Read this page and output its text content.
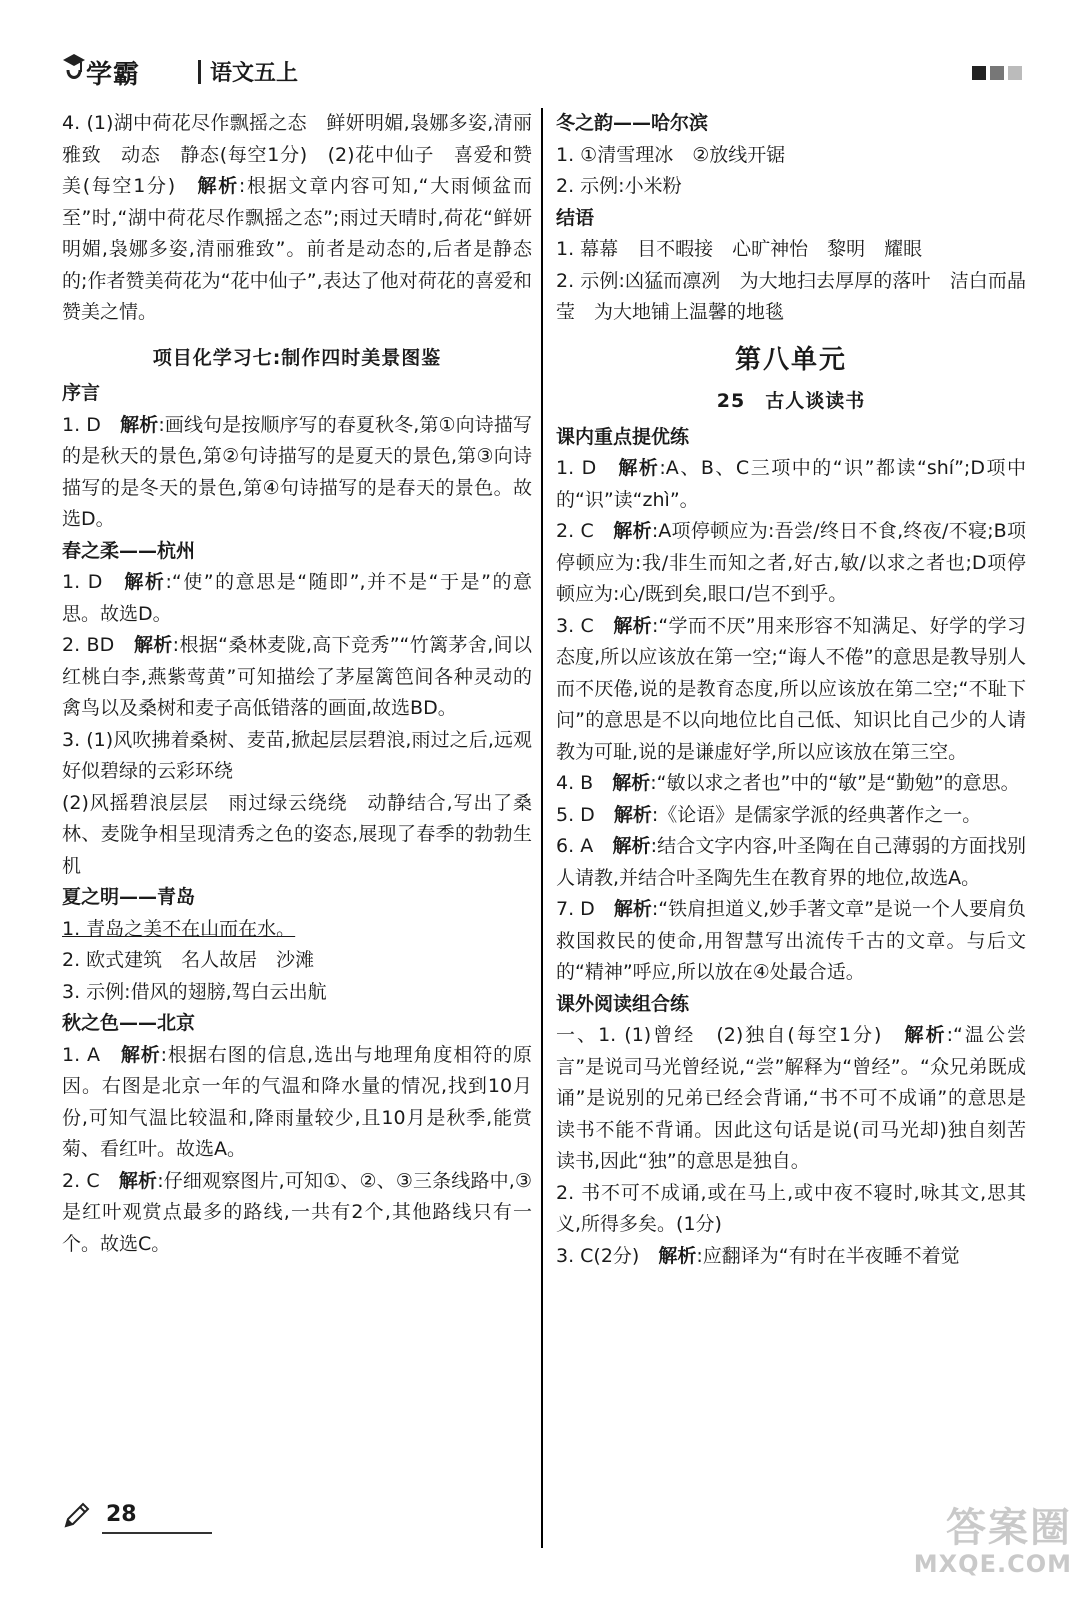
学霸	语文五上

4. (1)湖中荷花尽作飘摇之态　鲜妍明媚,袅娜多姿,清丽雅致　动态　静态(每空1分)　(2)花中仙子　喜爱和赞美(每空1分)　解析:根据文章内容可知,“大雨倾盆而至”时,“湖中荷花尽作飘摇之态”;雨过天晴时,荷花“鲜妍明媚,袅娜多姿,清丽雅致”。前者是动态的,后者是静态的;作者赞美荷花为“花中仙子”,表达了他对荷花的喜爱和赞美之情。

项目化学习七:制作四时美景图鉴
序言

1. D　解析:画线句是按顺序写的春夏秋冬,第①向诗描写的是秋天的景色,第②句诗描写的是夏天的景色,第③向诗描写的是冬天的景色,第④句诗描写的是春天的景色。故选D。

春之柔——杭州

1. D　解析:“使”的意思是“随即”,并不是“于是”的意思。故选D。

2. BD　解析:根据“桑林麦陇,高下竞秀”“竹篱茅舍,间以红桃白李,燕紫莺黄”可知描绘了茅屋篱笆间各种灵动的禽鸟以及桑树和麦子高低错落的画面,故选BD。

3. (1)风吹拂着桑树、麦苗,掀起层层碧浪,雨过之后,远观好似碧绿的云彩环绕

(2)风摇碧浪层层　雨过绿云绕绕　动静结合,写出了桑林、麦陇争相呈现清秀之色的姿态,展现了春季的勃勃生机

夏之明——青岛

1. 青岛之美不在山而在水。

2. 欧式建筑　名人故居　沙滩

3. 示例:借风的翅膀,驾白云出航

秋之色——北京

1. A　解析:根据右图的信息,选出与地理角度相符的原因。右图是北京一年的气温和降水量的情况,找到10月份,可知气温比较温和,降雨量较少,且10月是秋季,能赏菊、看红叶。故选A。

2. C　解析:仔细观察图片,可知①、②、③三条线路中,③是红叶观赏点最多的路线,一共有2个,其他路线只有一个。故选C。

冬之韵——哈尔滨

1. ①清雪理冰　②放线开锯

2. 示例:小米粉

结语

1. 幕幕　目不暇接　心旷神怡　黎明　耀眼

2. 示例:凶猛而凛冽　为大地扫去厚厚的落叶　洁白而晶莹　为大地铺上温馨的地毯

第八单元
25　古人谈读书
课内重点提优练

1. D　解析:A、B、C三项中的“识”都读“shí”;D项中的“识”读“zhì”。

2. C　解析:A项停顿应为:吾尝/终日不食,终夜/不寝;B项停顿应为:我/非生而知之者,好古,敏/以求之者也;D项停顿应为:心/既到矣,眼口/岂不到乎。

3. C　解析:“学而不厌”用来形容不知满足、好学的学习态度,所以应该放在第一空;“诲人不倦”的意思是教导别人而不厌倦,说的是教育态度,所以应该放在第二空;“不耻下问”的意思是不以向地位比自己低、知识比自己少的人请教为可耻,说的是谦虚好学,所以应该放在第三空。

4. B　解析:“敏以求之者也”中的“敏”是“勤勉”的意思。

5. D　解析:《论语》是儒家学派的经典著作之一。

6. A　解析:结合文字内容,叶圣陶在自己薄弱的方面找别人请教,并结合叶圣陶先生在教育界的地位,故选A。

7. D　解析:“铁肩担道义,妙手著文章”是说一个人要肩负救国救民的使命,用智慧写出流传千古的文章。与后文的“精神”呼应,所以放在④处最合适。

课外阅读组合练

一、1. (1)曾经　(2)独自(每空1分)　解析:“温公尝言”是说司马光曾经说,“尝”解释为“曾经”。“众兄弟既成诵”是说别的兄弟已经会背诵,“书不可不成诵”的意思是读书不能不背诵。因此这句话是说(司马光却)独自刻苦读书,因此“独”的意思是独自。

2. 书不可不成诵,或在马上,或中夜不寝时,咏其文,思其义,所得多矣。(1分)

3. C(2分)　解析:应翻译为“有时在半夜睡不着觉

28	答案圈
MXQE.COM
